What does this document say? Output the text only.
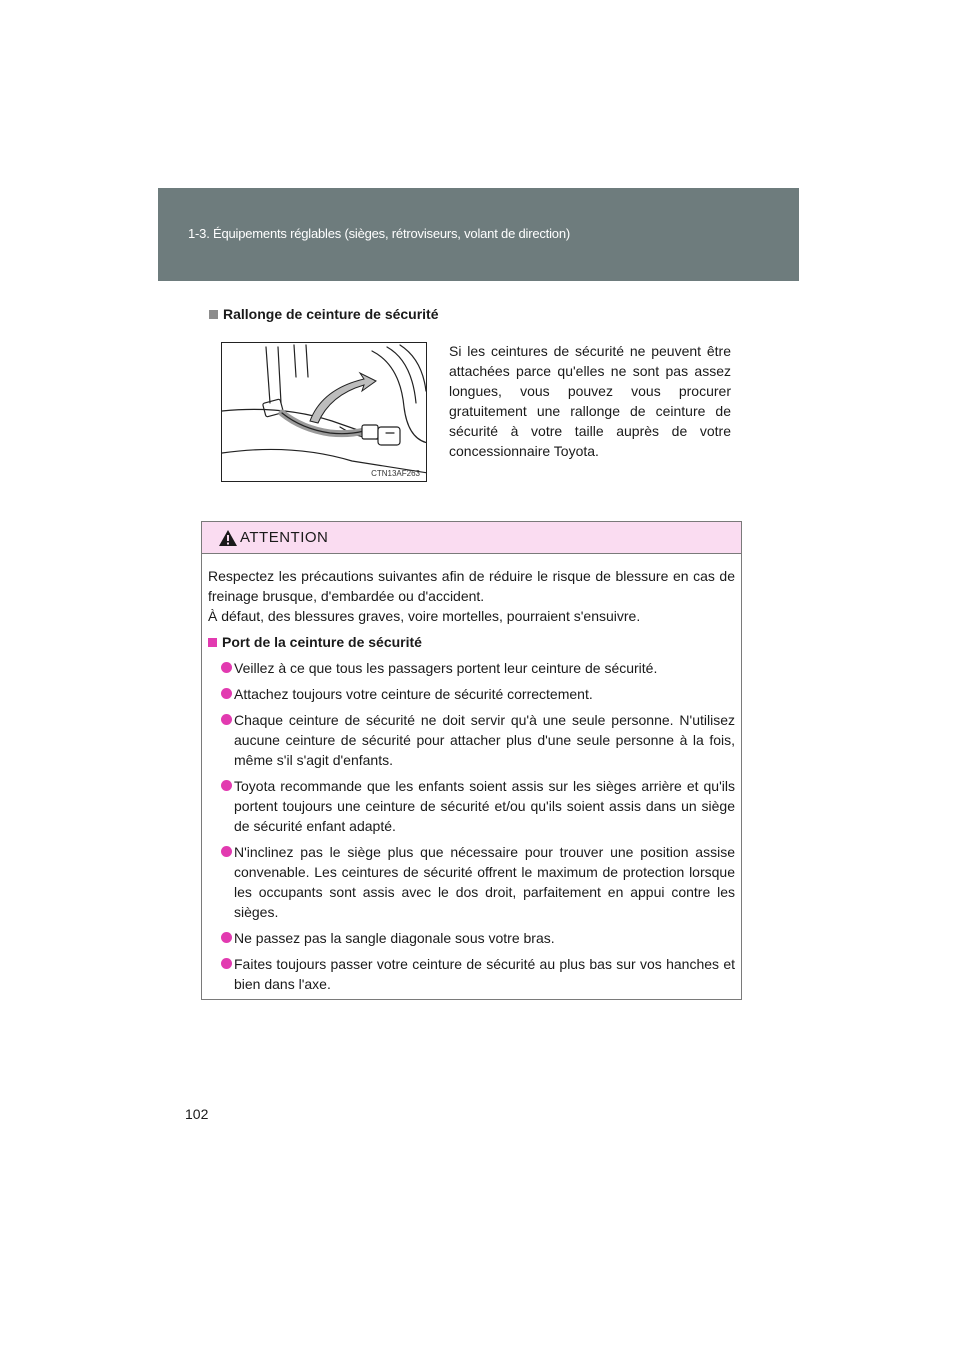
1-3. Équipements réglables (sièges, rétroviseurs, volant de direction)
Rallonge de ceinture de sécurité
CTN13AF263
Si les ceintures de sécurité ne peuvent être attachées parce qu'elles ne sont pas assez longues, vous pouvez vous procurer gratuitement une rallonge de ceinture de sécurité à votre taille auprès de votre concessionnaire Toyota.
ATTENTION

Respectez les précautions suivantes afin de réduire le risque de blessure en cas de freinage brusque, d'embardée ou d'accident.
À défaut, des blessures graves, voire mortelles, pourraient s'ensuivre.

Port de la ceinture de sécurité

Veillez à ce que tous les passagers portent leur ceinture de sécurité.
Attachez toujours votre ceinture de sécurité correctement.
Chaque ceinture de sécurité ne doit servir qu'à une seule personne. N'utilisez aucune ceinture de sécurité pour attacher plus d'une seule personne à la fois, même s'il s'agit d'enfants.
Toyota recommande que les enfants soient assis sur les sièges arrière et qu'ils portent toujours une ceinture de sécurité et/ou qu'ils soient assis dans un siège de sécurité enfant adapté.
N'inclinez pas le siège plus que nécessaire pour trouver une position assise convenable. Les ceintures de sécurité offrent le maximum de protection lorsque les occupants sont assis avec le dos droit, parfaitement en appui contre les sièges.
Ne passez pas la sangle diagonale sous votre bras.
Faites toujours passer votre ceinture de sécurité au plus bas sur vos hanches et bien dans l'axe.
102
